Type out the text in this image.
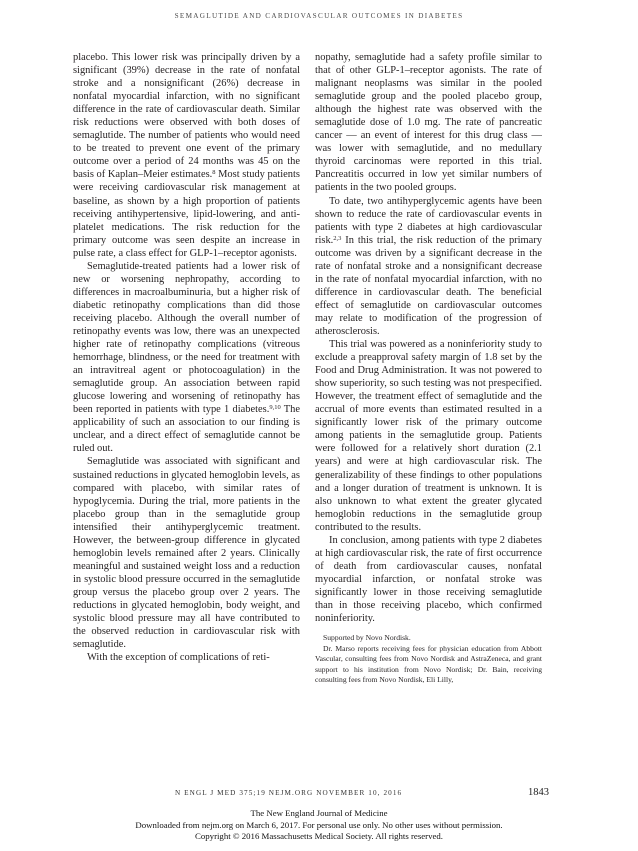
SEMAGLUTIDE AND CARDIOVASCULAR OUTCOMES IN DIABETES

placebo. This lower risk was principally driven by a significant (39%) decrease in the rate of nonfatal stroke and a nonsignificant (26%) decrease in nonfatal myocardial infarction, with no significant difference in the rate of cardiovascular death. Similar risk reductions were observed with both doses of semaglutide. The number of patients who would need to be treated to prevent one event of the primary outcome over a period of 24 months was 45 on the basis of Kaplan–Meier estimates.$^8$ Most study patients were receiving cardiovascular risk management at baseline, as shown by a high proportion of patients receiving antihypertensive, lipid-lowering, and anti-platelet medications. The risk reduction for the primary outcome was seen despite an increase in pulse rate, a class effect for GLP-1–receptor agonists.

Semaglutide-treated patients had a lower risk of new or worsening nephropathy, according to differences in macroalbuminuria, but a higher risk of diabetic retinopathy complications than did those receiving placebo. Although the overall number of retinopathy events was low, there was an unexpected higher rate of retinopathy complications (vitreous hemorrhage, blindness, or the need for treatment with an intravitreal agent or photocoagulation) in the semaglutide group. An association between rapid glucose lowering and worsening of retinopathy has been reported in patients with type 1 diabetes.$^{9,10}$ The applicability of such an association to our finding is unclear, and a direct effect of semaglutide cannot be ruled out.

Semaglutide was associated with significant and sustained reductions in glycated hemoglobin levels, as compared with placebo, with similar rates of hypoglycemia. During the trial, more patients in the placebo group than in the semaglutide group intensified their antihyperglycemic treatment. However, the between-group difference in glycated hemoglobin levels remained after 2 years. Clinically meaningful and sustained weight loss and a reduction in systolic blood pressure occurred in the semaglutide group versus the placebo group over 2 years. The reductions in glycated hemoglobin, body weight, and systolic blood pressure may all have contributed to the observed reduction in cardiovascular risk with semaglutide.

With the exception of complications of reti-

nopathy, semaglutide had a safety profile similar to that of other GLP-1–receptor agonists. The rate of malignant neoplasms was similar in the pooled semaglutide group and the pooled placebo group, although the highest rate was observed with the semaglutide dose of 1.0 mg. The rate of pancreatic cancer — an event of interest for this drug class — was lower with semaglutide, and no medullary thyroid carcinomas were reported in this trial. Pancreatitis occurred in low yet similar numbers of patients in the two pooled groups.

To date, two antihyperglycemic agents have been shown to reduce the rate of cardiovascular events in patients with type 2 diabetes at high cardiovascular risk.$^{2,3}$ In this trial, the risk reduction of the primary outcome was driven by a significant decrease in the rate of nonfatal stroke and a nonsignificant decrease in the rate of nonfatal myocardial infarction, with no difference in cardiovascular death. The beneficial effect of semaglutide on cardiovascular outcomes may relate to modification of the progression of atherosclerosis.

This trial was powered as a noninferiority study to exclude a preapproval safety margin of 1.8 set by the Food and Drug Administration. It was not powered to show superiority, so such testing was not prespecified. However, the treatment effect of semaglutide and the accrual of more events than estimated resulted in a significantly lower risk of the primary outcome among patients in the semaglutide group. Patients were followed for a relatively short duration (2.1 years) and were at high cardiovascular risk. The generalizability of these findings to other populations and a longer duration of treatment is unknown. It is also unknown to what extent the greater glycated hemoglobin reductions in the semaglutide group contributed to the results.

In conclusion, among patients with type 2 diabetes at high cardiovascular risk, the rate of first occurrence of death from cardiovascular causes, nonfatal myocardial infarction, or nonfatal stroke was significantly lower in those receiving semaglutide than in those receiving placebo, which confirmed noninferiority.

Supported by Novo Nordisk.

Dr. Marso reports receiving fees for physician education from Abbott Vascular, consulting fees from Novo Nordisk and AstraZeneca, and grant support to his institution from Novo Nordisk; Dr. Bain, receiving consulting fees from Novo Nordisk, Eli Lilly,

N ENGL J MED 375;19 NEJM.ORG NOVEMBER 10, 2016	1843
The New England Journal of Medicine
Downloaded from nejm.org on March 6, 2017. For personal use only. No other uses without permission.
Copyright © 2016 Massachusetts Medical Society. All rights reserved.
